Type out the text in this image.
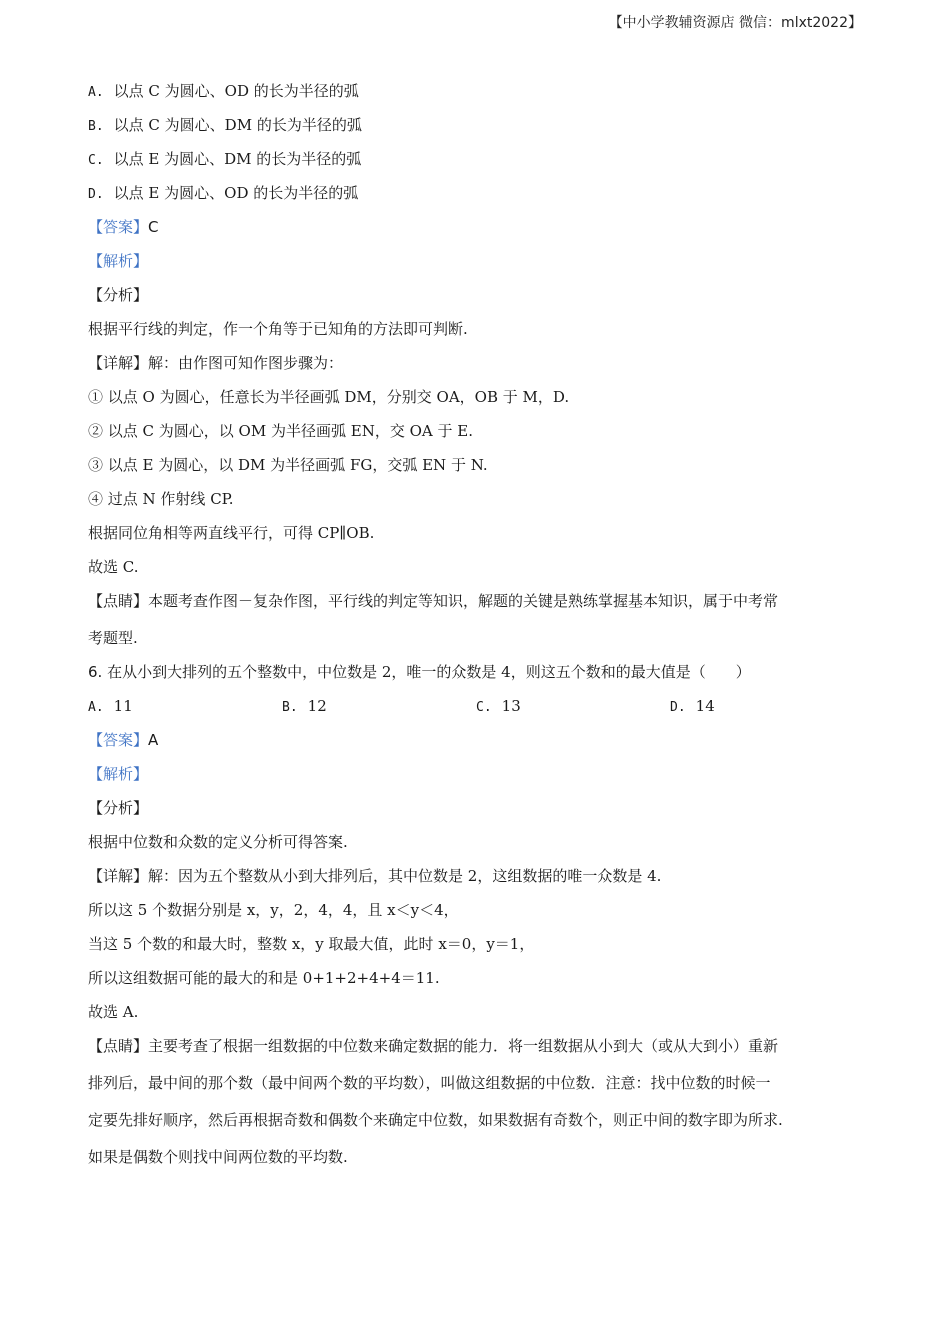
【中小学教辅资源店 微信：mlxt2022】
A. 以点 C 为圆心、OD 的长为半径的弧
B. 以点 C 为圆心、DM 的长为半径的弧
C. 以点 E 为圆心、DM 的长为半径的弧
D. 以点 E 为圆心、OD 的长为半径的弧
【答案】C
【解析】
【分析】
根据平行线的判定，作一个角等于已知角的方法即可判断.
【详解】解：由作图可知作图步骤为：
① 以点 O 为圆心，任意长为半径画弧 DM，分别交 OA，OB 于 M，D.
② 以点 C 为圆心，以 OM 为半径画弧 EN，交 OA 于 E.
③ 以点 E 为圆心，以 DM 为半径画弧 FG，交弧 EN 于 N.
④ 过点 N 作射线 CP.
根据同位角相等两直线平行，可得 CP∥OB.
故选 C.
【点睛】本题考查作图－复杂作图，平行线的判定等知识，解题的关键是熟练掌握基本知识，属于中考常
考题型.
6. 在从小到大排列的五个整数中，中位数是 2，唯一的众数是 4，则这五个数和的最大值是（　　）
A. 11	B. 12	C. 13	D. 14
【答案】A
【解析】
【分析】
根据中位数和众数的定义分析可得答案.
【详解】解：因为五个整数从小到大排列后，其中位数是 2，这组数据的唯一众数是 4.
所以这 5 个数据分别是 x，y，2，4，4，且 x＜y＜4，
当这 5 个数的和最大时，整数 x，y 取最大值，此时 x＝0，y＝1，
所以这组数据可能的最大的和是 0+1+2+4+4＝11.
故选 A.
【点睛】主要考查了根据一组数据的中位数来确定数据的能力．将一组数据从小到大（或从大到小）重新
排列后，最中间的那个数（最中间两个数的平均数），叫做这组数据的中位数．注意：找中位数的时候一
定要先排好顺序，然后再根据奇数和偶数个来确定中位数，如果数据有奇数个，则正中间的数字即为所求.
如果是偶数个则找中间两位数的平均数.
